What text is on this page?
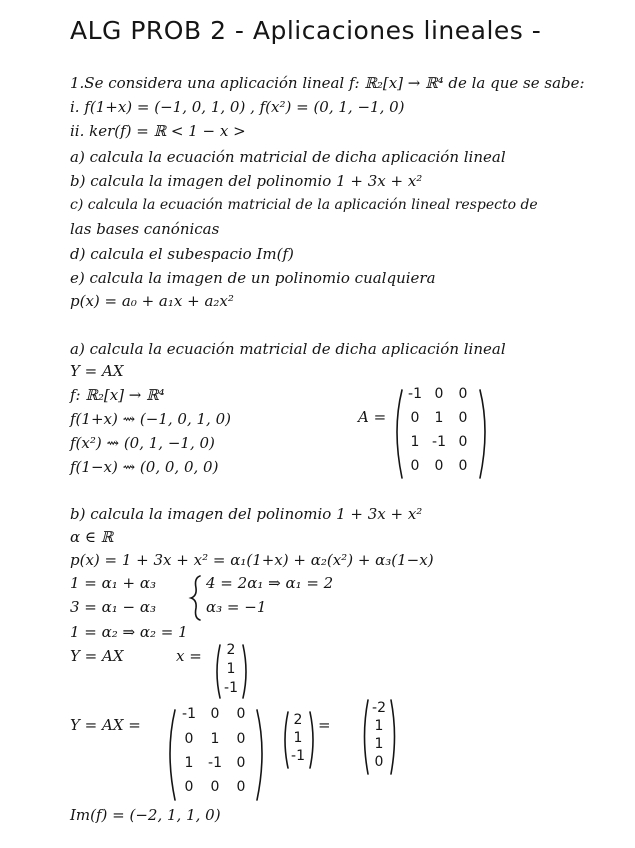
ALG PROB 2 - Aplicaciones lineales -
1.Se considera una aplicación lineal f: ℝ₂[x] → ℝ⁴ de la que se sabe:
i. f(1+x) = (−1, 0, 1, 0) , f(x²) = (0, 1, −1, 0)
ii. ker(f) = ℝ < 1 − x >
a) calcula la ecuación matricial de dicha aplicación lineal
b) calcula la imagen del polinomio 1 + 3x + x²
c) calcula la ecuación matricial de la aplicación lineal respecto de
las bases canónicas
d) calcula el subespacio Im(f)
e) calcula la imagen de un polinomio cualquiera
p(x) = a₀ + a₁x + a₂x²
a) calcula la ecuación matricial de dicha aplicación lineal
Y = AX
f: ℝ₂[x] → ℝ⁴
f(1+x) ⇝ (−1, 0, 1, 0)
f(x²) ⇝ (0, 1, −1, 0)
f(1−x) ⇝ (0, 0, 0, 0)
A =
-1 0	0
0	1	0
1 -1 0
0	0	0
b) calcula la imagen del polinomio 1 + 3x + x²
α ∈ ℝ
p(x) = 1 + 3x + x² = α₁(1+x) + α₂(x²) + α₃(1−x)
1 = α₁ + α₃
3 = α₁ − α₃
4 = 2α₁ ⇒ α₁ = 2
α₃ = −1
1 = α₂ ⇒ α₂ = 1
Y = AX	x =	2
1
-1
Y = AX =
-1	0	0
0	1	0
1	-1	0
0	0	0
2
1
-1
=
-2
1
1
0
Im(f) = (−2, 1, 1, 0)
